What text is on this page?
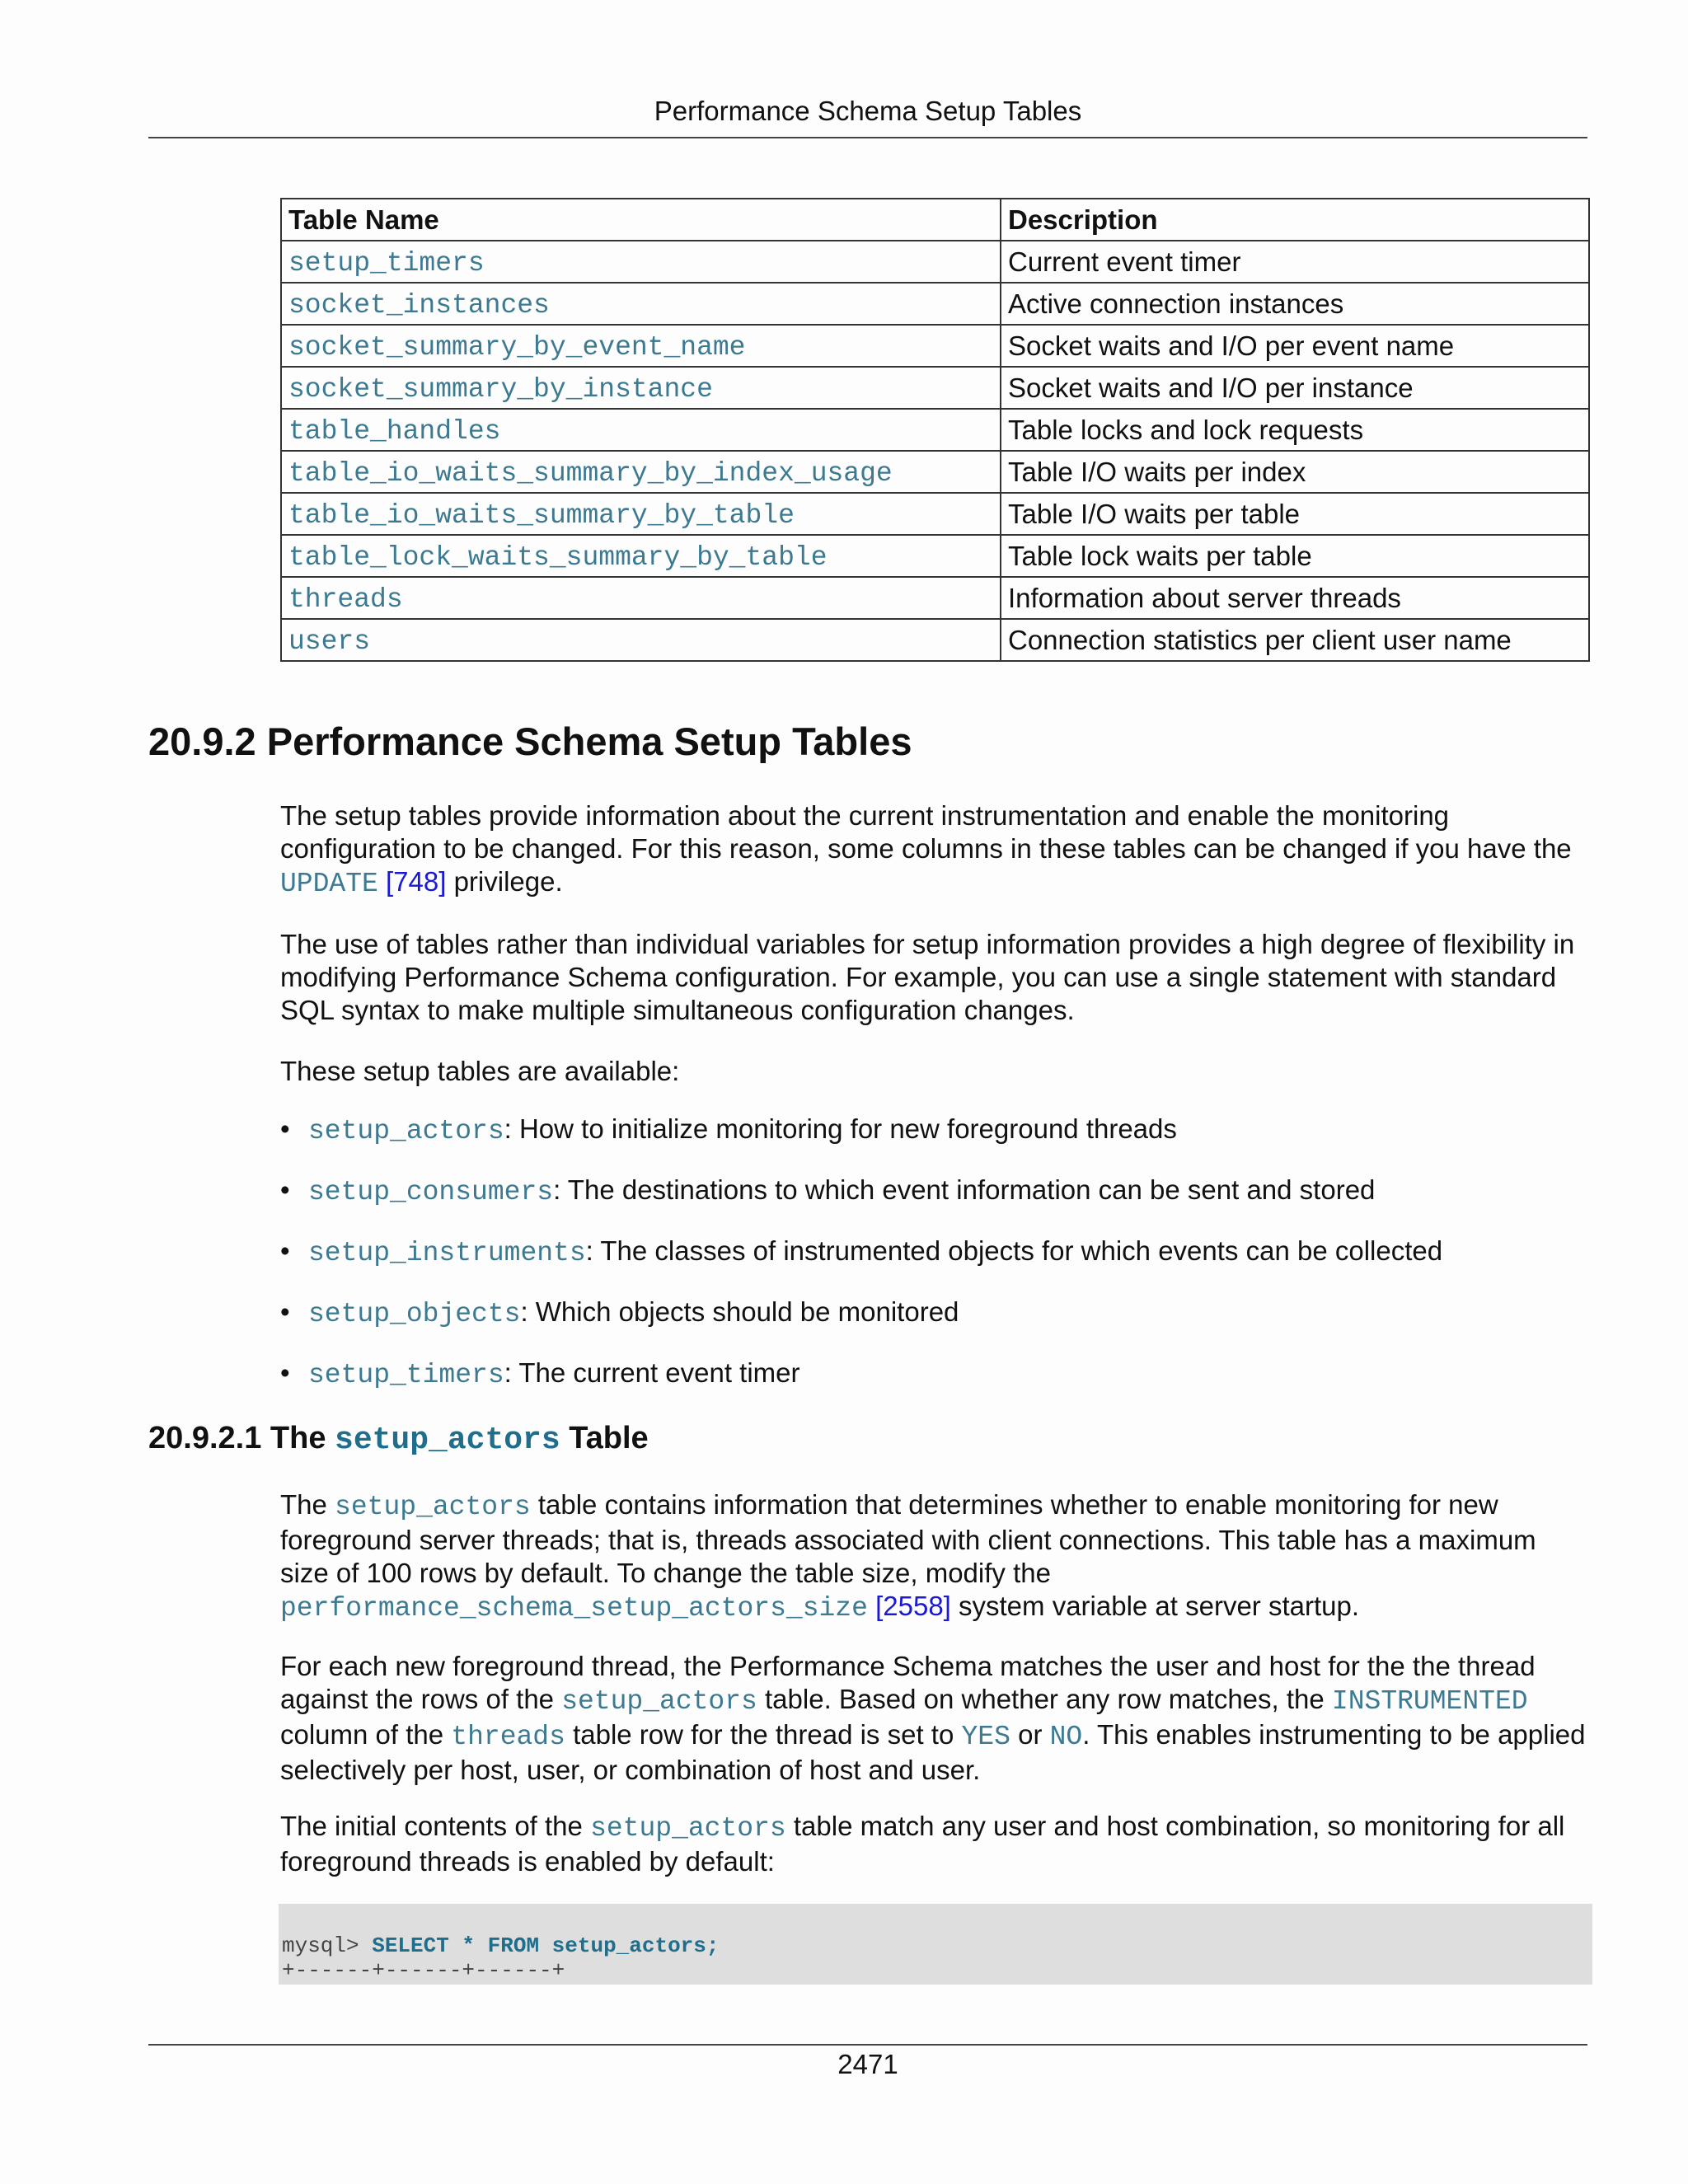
Performance Schema Setup Tables
Table Name	Description
setup_timers	Current event timer
socket_instances	Active connection instances
socket_summary_by_event_name	Socket waits and I/O per event name
socket_summary_by_instance	Socket waits and I/O per instance
table_handles	Table locks and lock requests
table_io_waits_summary_by_index_usage	Table I/O waits per index
table_io_waits_summary_by_table	Table I/O waits per table
table_lock_waits_summary_by_table	Table lock waits per table
threads	Information about server threads
users	Connection statistics per client user name
20.9.2 Performance Schema Setup Tables

The setup tables provide information about the current instrumentation and enable the monitoring configuration to be changed. For this reason, some columns in these tables can be changed if you have the UPDATE [748] privilege.

The use of tables rather than individual variables for setup information provides a high degree of flexibility in modifying Performance Schema configuration. For example, you can use a single statement with standard SQL syntax to make multiple simultaneous configuration changes.

These setup tables are available:

• setup_actors: How to initialize monitoring for new foreground threads
• setup_consumers: The destinations to which event information can be sent and stored
• setup_instruments: The classes of instrumented objects for which events can be collected
• setup_objects: Which objects should be monitored
• setup_timers: The current event timer
20.9.2.1 The setup_actors Table

The setup_actors table contains information that determines whether to enable monitoring for new foreground server threads; that is, threads associated with client connections. This table has a maximum size of 100 rows by default. To change the table size, modify the performance_schema_setup_actors_size [2558] system variable at server startup.

For each new foreground thread, the Performance Schema matches the user and host for the the thread against the rows of the setup_actors table. Based on whether any row matches, the INSTRUMENTED column of the threads table row for the thread is set to YES or NO. This enables instrumenting to be applied selectively per host, user, or combination of host and user.

The initial contents of the setup_actors table match any user and host combination, so monitoring for all foreground threads is enabled by default:

mysql> SELECT * FROM setup_actors;
+------+------+------+
2471
